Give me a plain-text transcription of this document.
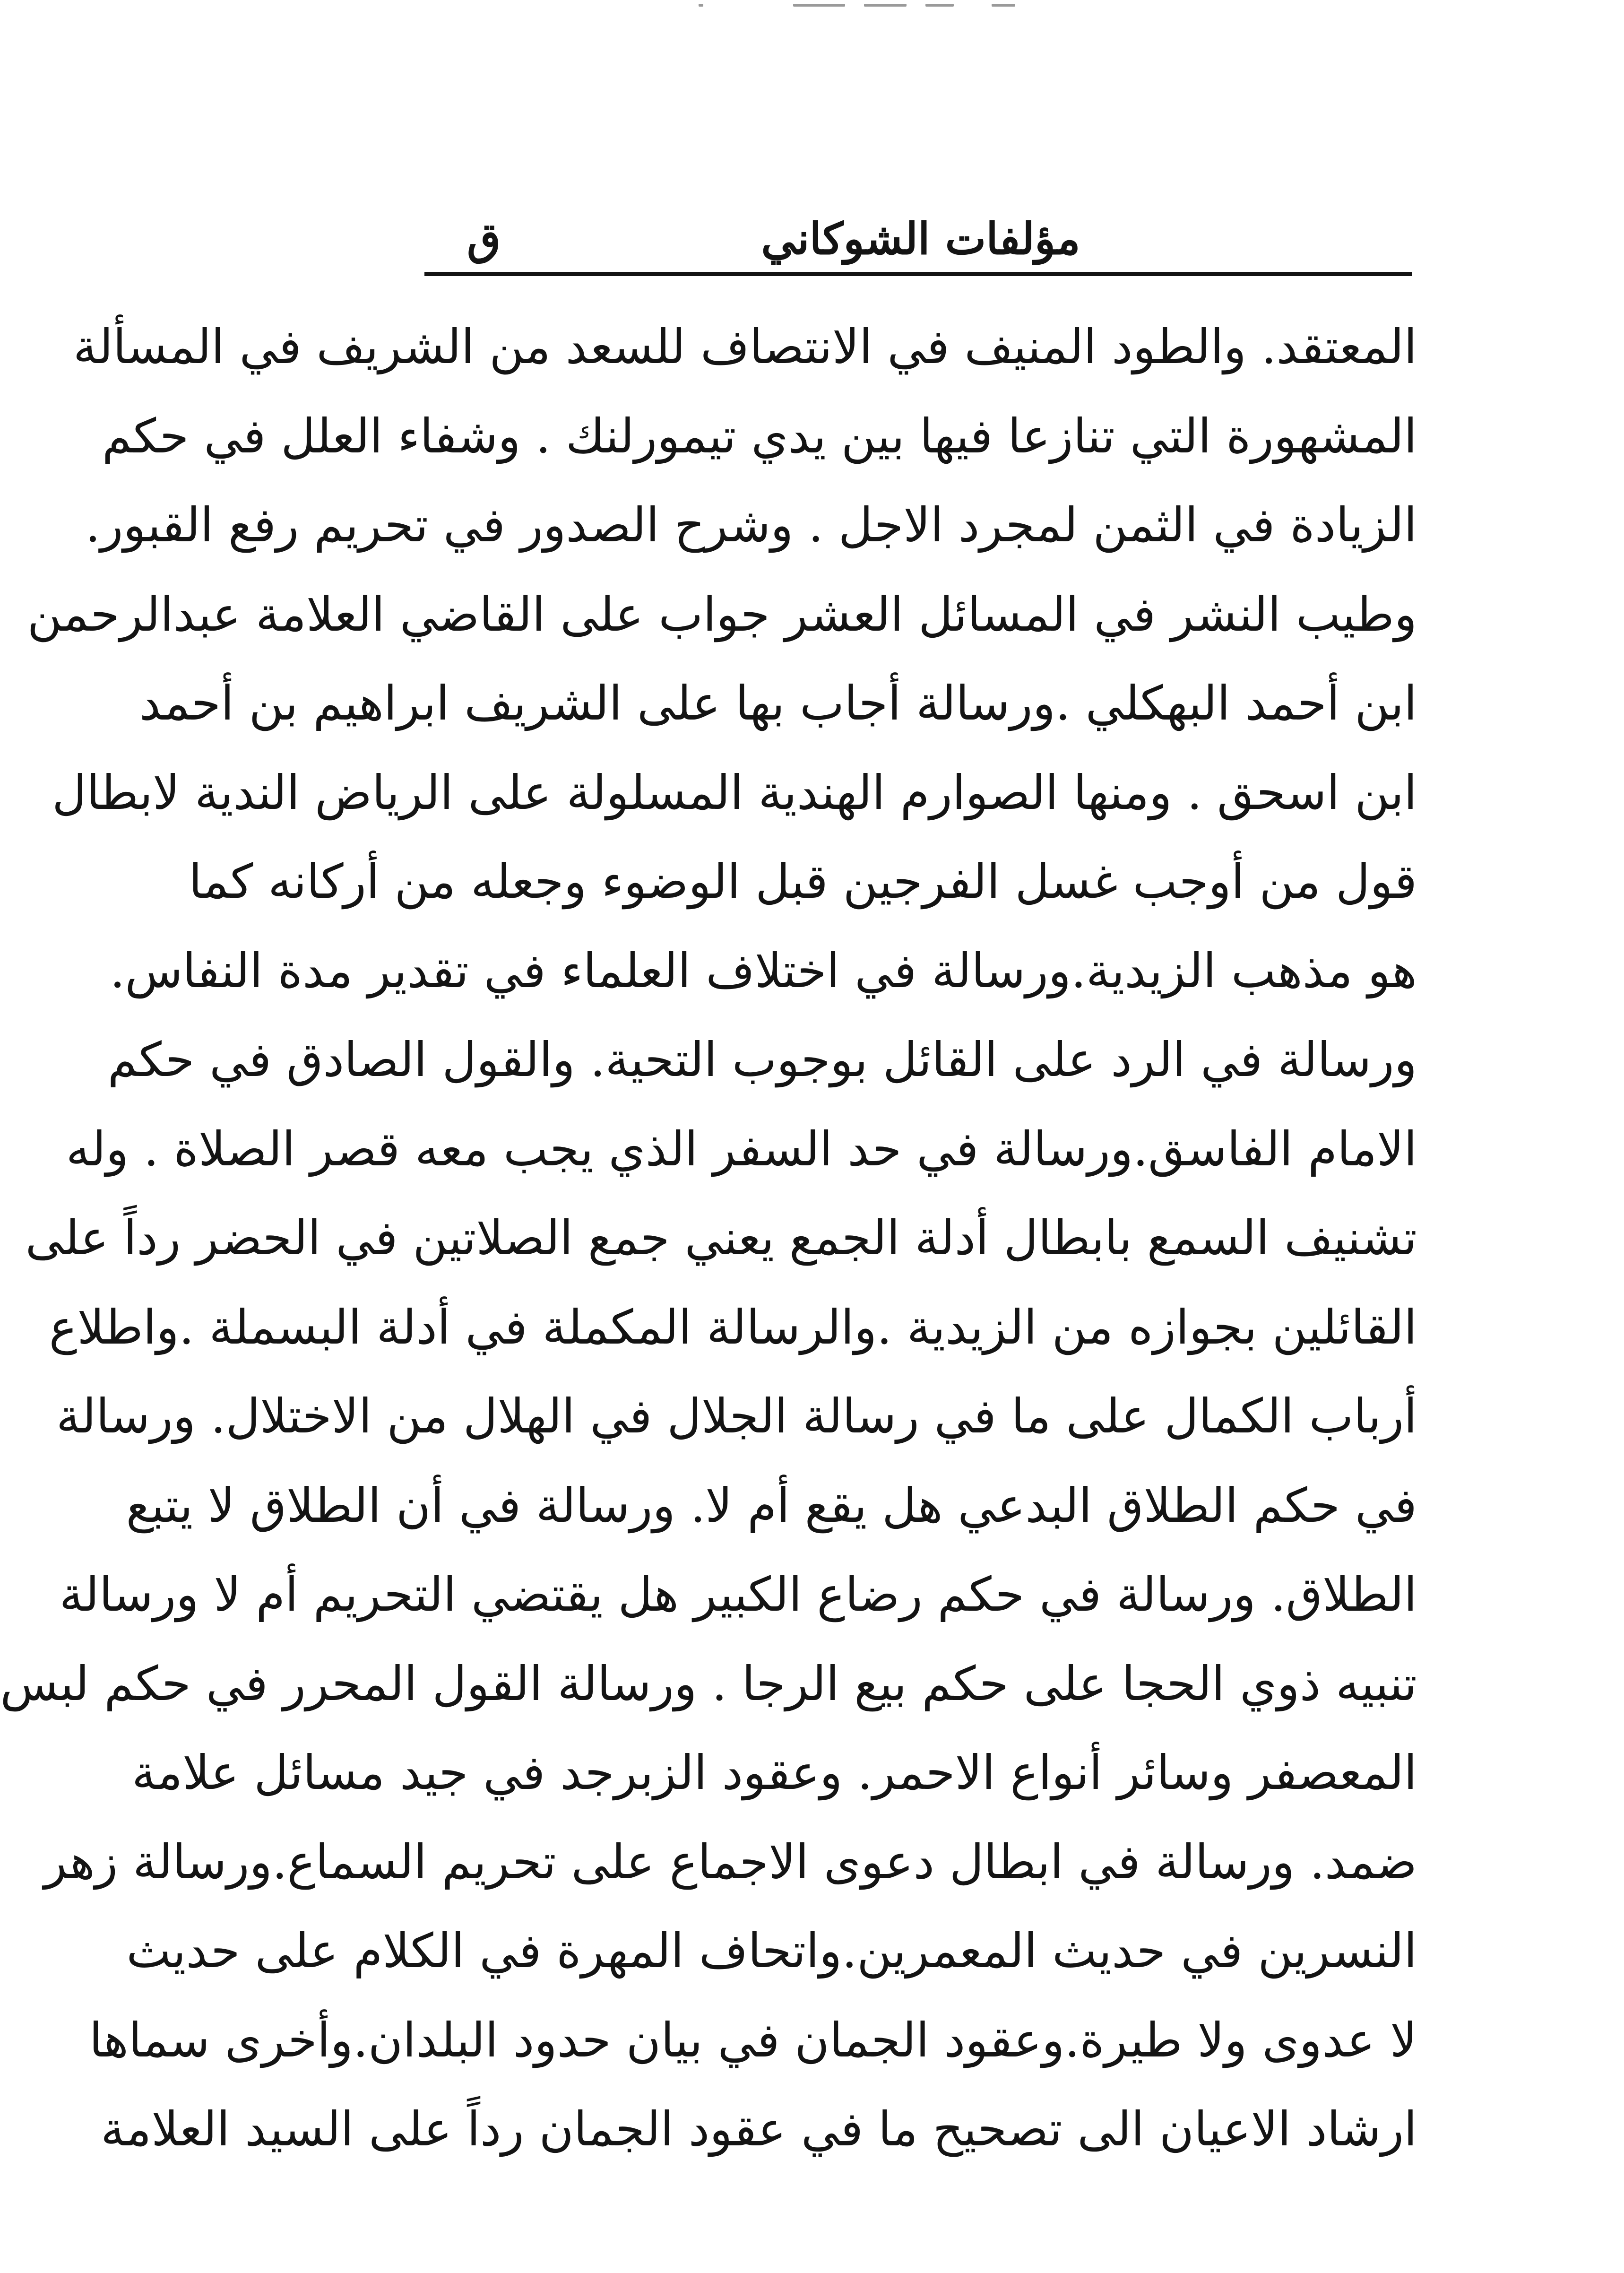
مؤلفات الشوكاني
ق
المعتقد. والطود المنيف في الانتصاف للسعد من الشريف في المسألة
المشهورة التي تنازعا فيها بين يدي تيمورلنك . وشفاء العلل في حكم
الزيادة في الثمن لمجرد الاجل . وشرح الصدور في تحريم رفع القبور.
وطيب النشر في المسائل العشر جواب على القاضي العلامة عبدالرحمن
ابن أحمد البهكلي .ورسالة أجاب بها على الشريف ابراهيم بن أحمد
ابن اسحق . ومنها الصوارم الهندية المسلولة على الرياض الندية لابطال
قول من أوجب غسل الفرجين قبل الوضوء وجعله من أركانه كما
هو مذهب الزيدية.ورسالة في اختلاف العلماء في تقدير مدة النفاس.
ورسالة في الرد على القائل بوجوب التحية. والقول الصادق في حكم
الامام الفاسق.ورسالة في حد السفر الذي يجب معه قصر الصلاة . وله
تشنيف السمع بابطال أدلة الجمع يعني جمع الصلاتين في الحضر رداً على
القائلين بجوازه من الزيدية .والرسالة المكملة في أدلة البسملة .واطلاع
أرباب الكمال على ما في رسالة الجلال في الهلال من الاختلال. ورسالة
في حكم الطلاق البدعي هل يقع أم لا. ورسالة في أن الطلاق لا يتبع
الطلاق. ورسالة في حكم رضاع الكبير هل يقتضي التحريم أم لا ورسالة
تنبيه ذوي الحجا على حكم بيع الرجا . ورسالة القول المحرر في حكم لبس
المعصفر وسائر أنواع الاحمر. وعقود الزبرجد في جيد مسائل علامة
ضمد. ورسالة في ابطال دعوى الاجماع على تحريم السماع.ورسالة زهر
النسرين في حديث المعمرين.واتحاف المهرة في الكلام على حديث
لا عدوى ولا طيرة.وعقود الجمان في بيان حدود البلدان.وأخرى سماها
ارشاد الاعيان الى تصحيح ما في عقود الجمان رداً على السيد العلامة
